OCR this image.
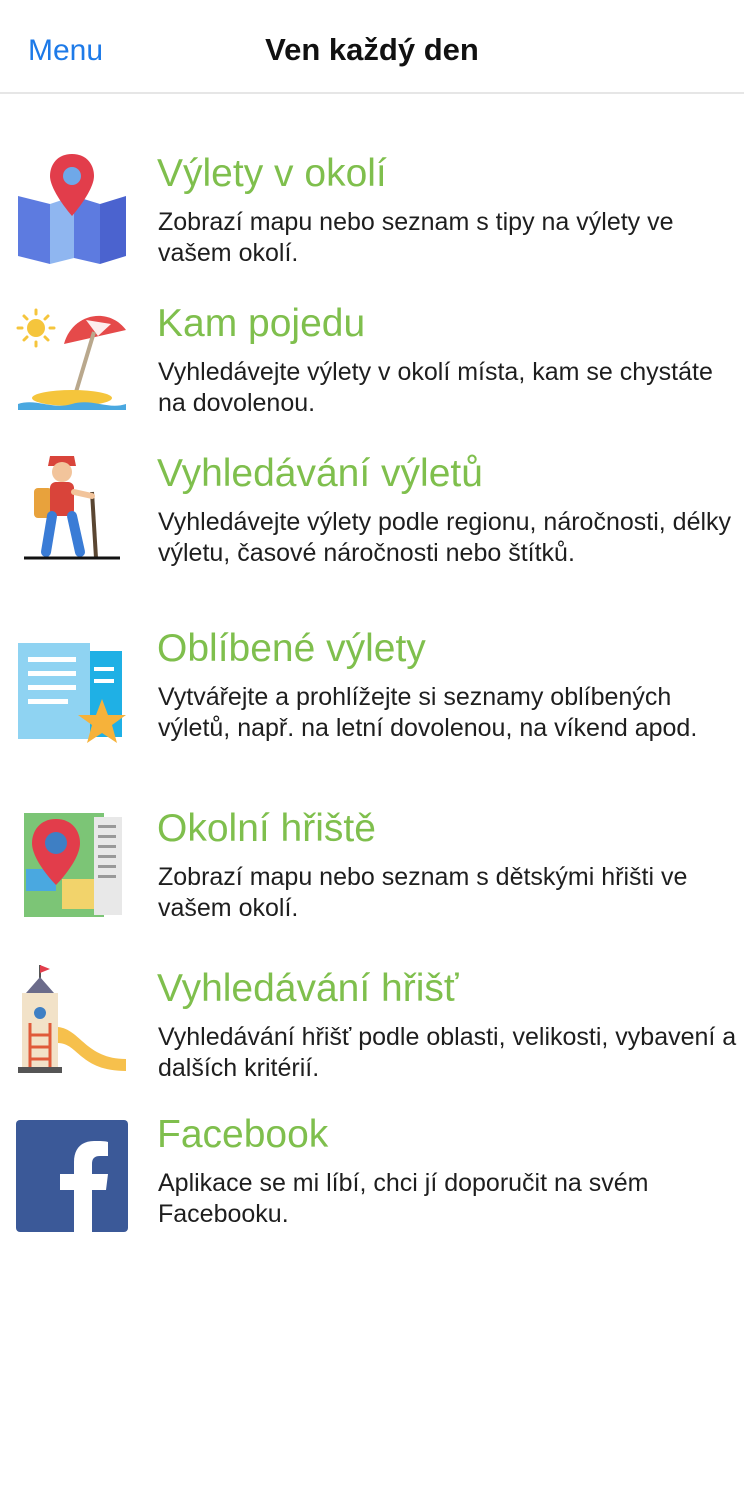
Menu	Ven každý den
Výlety v okolí
Zobrazí mapu nebo seznam s tipy na výlety ve vašem okolí.
Kam pojedu
Vyhledávejte výlety v okolí místa, kam se chystáte na dovolenou.
Vyhledávání výletů
Vyhledávejte výlety podle regionu, náročnosti, délky výletu, časové náročnosti nebo štítků.
Oblíbené výlety
Vytvářejte a prohlížejte si seznamy oblíbených výletů, např. na letní dovolenou, na víkend apod.
Okolní hřiště
Zobrazí mapu nebo seznam s dětskými hřišti ve vašem okolí.
Vyhledávání hřišť
Vyhledávání hřišť podle oblasti, velikosti, vybavení a dalších kritérií.
Facebook
Aplikace se mi líbí, chci jí doporučit na svém Facebooku.
